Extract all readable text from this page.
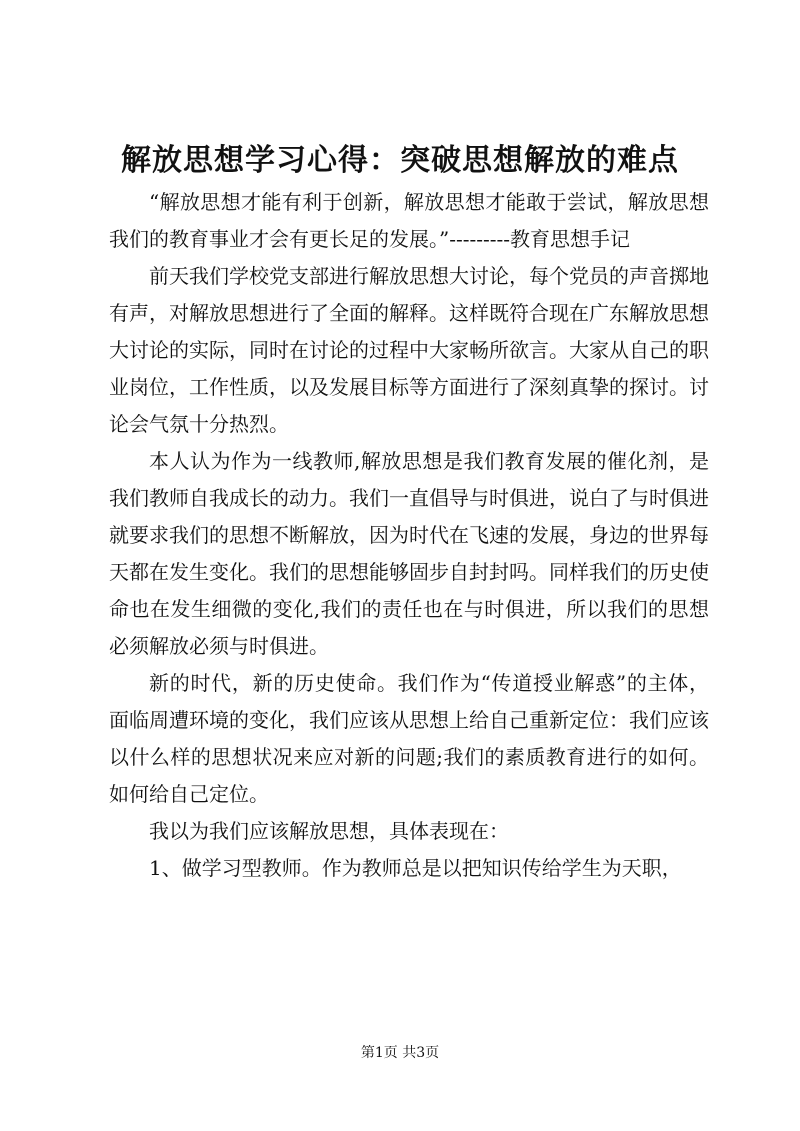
解放思想学习心得：突破思想解放的难点

“解放思想才能有利于创新，解放思想才能敢于尝试，解放思想我们的教育事业才会有更长足的发展。”---------教育思想手记

前天我们学校党支部进行解放思想大讨论，每个党员的声音掷地有声，对解放思想进行了全面的解释。这样既符合现在广东解放思想大讨论的实际，同时在讨论的过程中大家畅所欲言。大家从自己的职业岗位，工作性质，以及发展目标等方面进行了深刻真挚的探讨。讨论会气氛十分热烈。

本人认为作为一线教师,解放思想是我们教育发展的催化剂，是我们教师自我成长的动力。我们一直倡导与时俱进，说白了与时俱进就要求我们的思想不断解放，因为时代在飞速的发展，身边的世界每天都在发生变化。我们的思想能够固步自封封吗。同样我们的历史使命也在发生细微的变化,我们的责任也在与时俱进，所以我们的思想必须解放必须与时俱进。

新的时代，新的历史使命。我们作为“传道授业解惑”的主体，面临周遭环境的变化，我们应该从思想上给自己重新定位：我们应该以什么样的思想状况来应对新的问题;我们的素质教育进行的如何。如何给自己定位。

我以为我们应该解放思想，具体表现在：

1、做学习型教师。作为教师总是以把知识传给学生为天职，

第1页 共3页
